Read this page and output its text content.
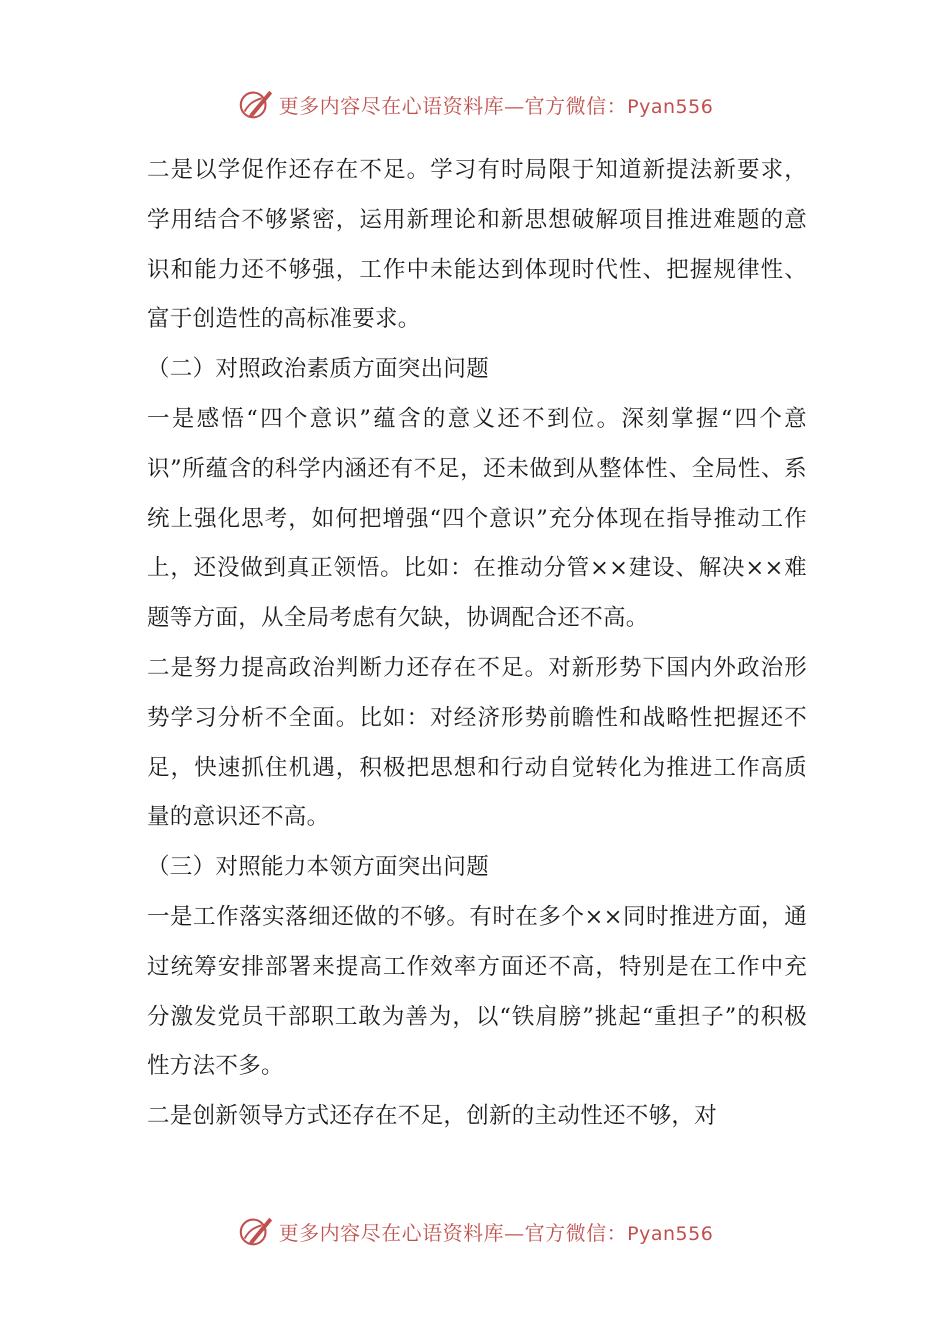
更多内容尽在心语资料库—官方微信：Pyan556

二是以学促作还存在不足。学习有时局限于知道新提法新要求，学用结合不够紧密，运用新理论和新思想破解项目推进难题的意识和能力还不够强，工作中未能达到体现时代性、把握规律性、富于创造性的高标准要求。

（二）对照政治素质方面突出问题

一是感悟“四个意识”蕴含的意义还不到位。深刻掌握“四个意识”所蕴含的科学内涵还有不足，还未做到从整体性、全局性、系统上强化思考，如何把增强“四个意识”充分体现在指导推动工作上，还没做到真正领悟。比如：在推动分管××建设、解决××难题等方面，从全局考虑有欠缺，协调配合还不高。

二是努力提高政治判断力还存在不足。对新形势下国内外政治形势学习分析不全面。比如：对经济形势前瞻性和战略性把握还不足，快速抓住机遇，积极把思想和行动自觉转化为推进工作高质量的意识还不高。

（三）对照能力本领方面突出问题

一是工作落实落细还做的不够。有时在多个××同时推进方面，通过统筹安排部署来提高工作效率方面还不高，特别是在工作中充分激发党员干部职工敢为善为，以“铁肩膀”挑起“重担子”的积极性方法不多。

二是创新领导方式还存在不足，创新的主动性还不够，对

更多内容尽在心语资料库—官方微信：Pyan556
